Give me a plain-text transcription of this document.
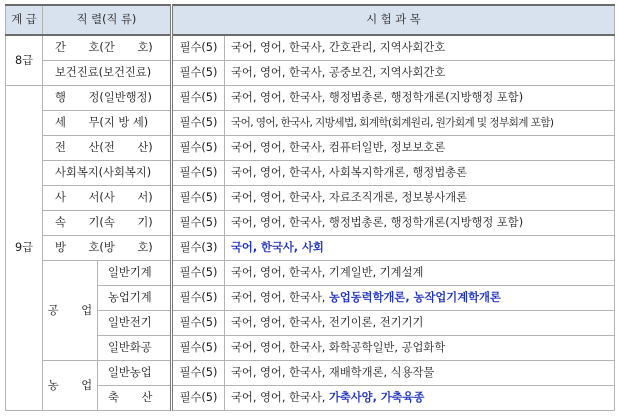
계 급	직 렬(직 류)		시 험 과 목	
8급	간　　호(간　　호)		필수(5)	국어, 영어, 한국사, 간호관리, 지역사회간호
	보건진료(보건진료)		필수(5)	국어, 영어, 한국사, 공중보건, 지역사회간호
9급	행　　정(일반행정)		필수(5)	국어, 영어, 한국사, 행정법총론, 행정학개론(지방행정 포함)
	세　　무(지 방 세)		필수(5)	국어, 영어, 한국사, 지방세법, 회계학(회계원리, 원가회계 및 정부회계 포함)
	전　　산(전　　산)		필수(5)	국어, 영어, 한국사, 컴퓨터일반, 정보보호론
	사회복지(사회복지)		필수(5)	국어, 영어, 한국사, 사회복지학개론, 행정법총론
	사　　서(사　　서)		필수(5)	국어, 영어, 한국사, 자료조직개론, 정보봉사개론
	속　　기(속　　기)		필수(5)	국어, 영어, 한국사, 행정법총론, 행정학개론(지방행정 포함)
	방　　호(방　　호)		필수(3)	국어, 한국사, 사회
	공　　업	일반기계	필수(5)	국어, 영어, 한국사, 기계일반, 기계설계
		농업기계	필수(5)	국어, 영어, 한국사, 농업동력학개론, 농작업기계학개론
		일반전기	필수(5)	국어, 영어, 한국사, 전기이론, 전기기기
		일반화공	필수(5)	국어, 영어, 한국사, 화학공학일반, 공업화학
	농　　업	일반농업	필수(5)	국어, 영어, 한국사, 재배학개론, 식용작물
		축　　산	필수(5)	국어, 영어, 한국사, 가축사양, 가축육종
